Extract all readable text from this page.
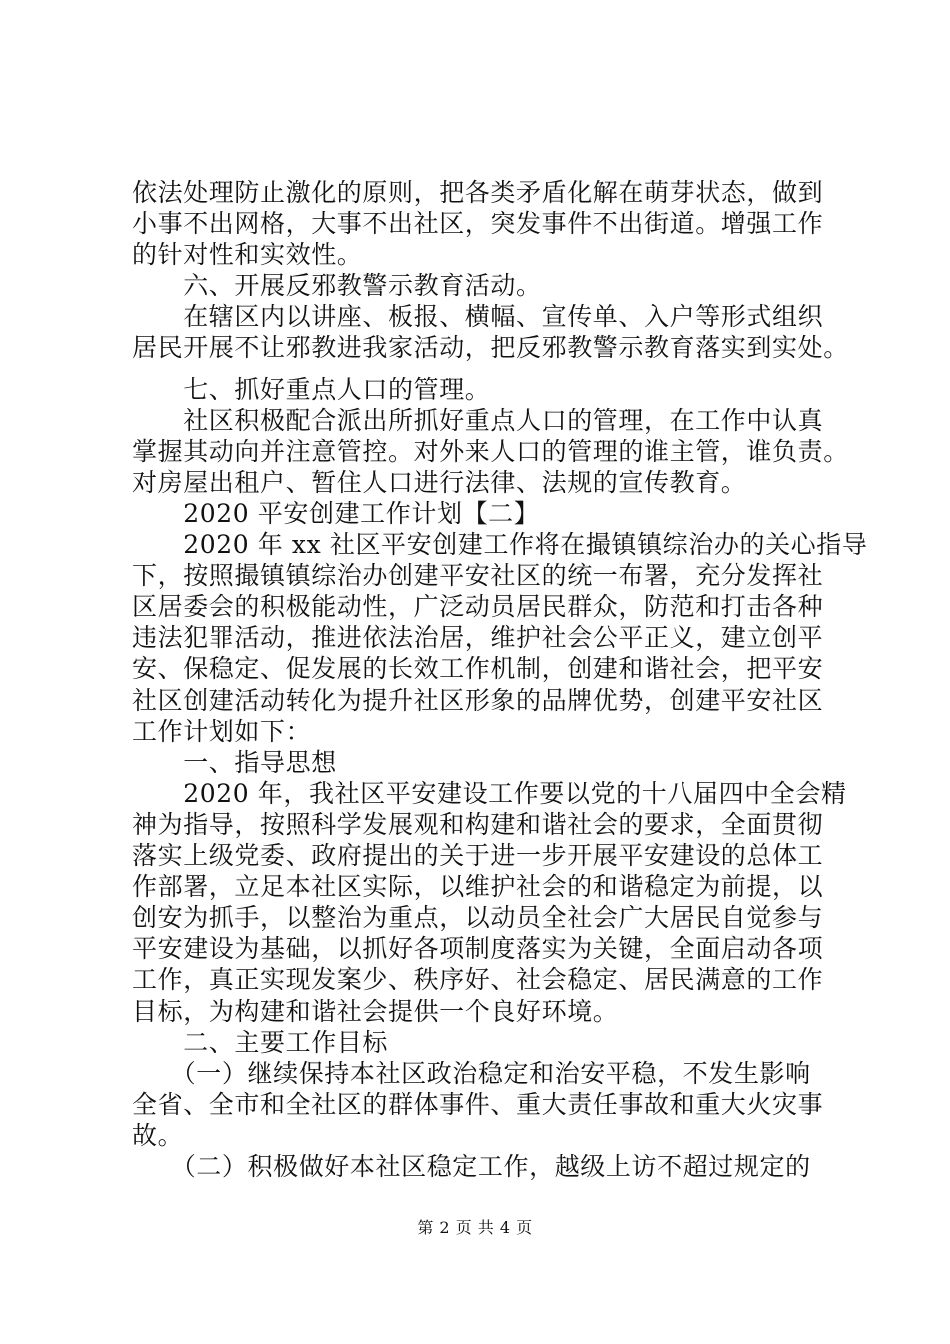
依法处理防止激化的原则，把各类矛盾化解在萌芽状态，做到
小事不出网格，大事不出社区，突发事件不出街道。增强工作
的针对性和实效性。
　　六、开展反邪教警示教育活动。
　　在辖区内以讲座、板报、横幅、宣传单、入户等形式组织
居民开展不让邪教进我家活动，把反邪教警示教育落实到实处。
　　七、抓好重点人口的管理。
　　社区积极配合派出所抓好重点人口的管理，在工作中认真
掌握其动向并注意管控。对外来人口的管理的谁主管，谁负责。
对房屋出租户、暂住人口进行法律、法规的宣传教育。
　　2020 平安创建工作计划【二】
　　2020 年 xx 社区平安创建工作将在撮镇镇综治办的关心指导
下，按照撮镇镇综治办创建平安社区的统一布署，充分发挥社
区居委会的积极能动性，广泛动员居民群众，防范和打击各种
违法犯罪活动，推进依法治居，维护社会公平正义，建立创平
安、保稳定、促发展的长效工作机制，创建和谐社会，把平安
社区创建活动转化为提升社区形象的品牌优势，创建平安社区
工作计划如下：
　　一、指导思想
　　2020 年，我社区平安建设工作要以党的十八届四中全会精
神为指导，按照科学发展观和构建和谐社会的要求，全面贯彻
落实上级党委、政府提出的关于进一步开展平安建设的总体工
作部署，立足本社区实际，以维护社会的和谐稳定为前提，以
创安为抓手，以整治为重点，以动员全社会广大居民自觉参与
平安建设为基础，以抓好各项制度落实为关键，全面启动各项
工作，真正实现发案少、秩序好、社会稳定、居民满意的工作
目标，为构建和谐社会提供一个良好环境。
　　二、主要工作目标
　　（一）继续保持本社区政治稳定和治安平稳，不发生影响
全省、全市和全社区的群体事件、重大责任事故和重大火灾事
故。
　　（二）积极做好本社区稳定工作，越级上访不超过规定的
第 2 页 共 4 页
